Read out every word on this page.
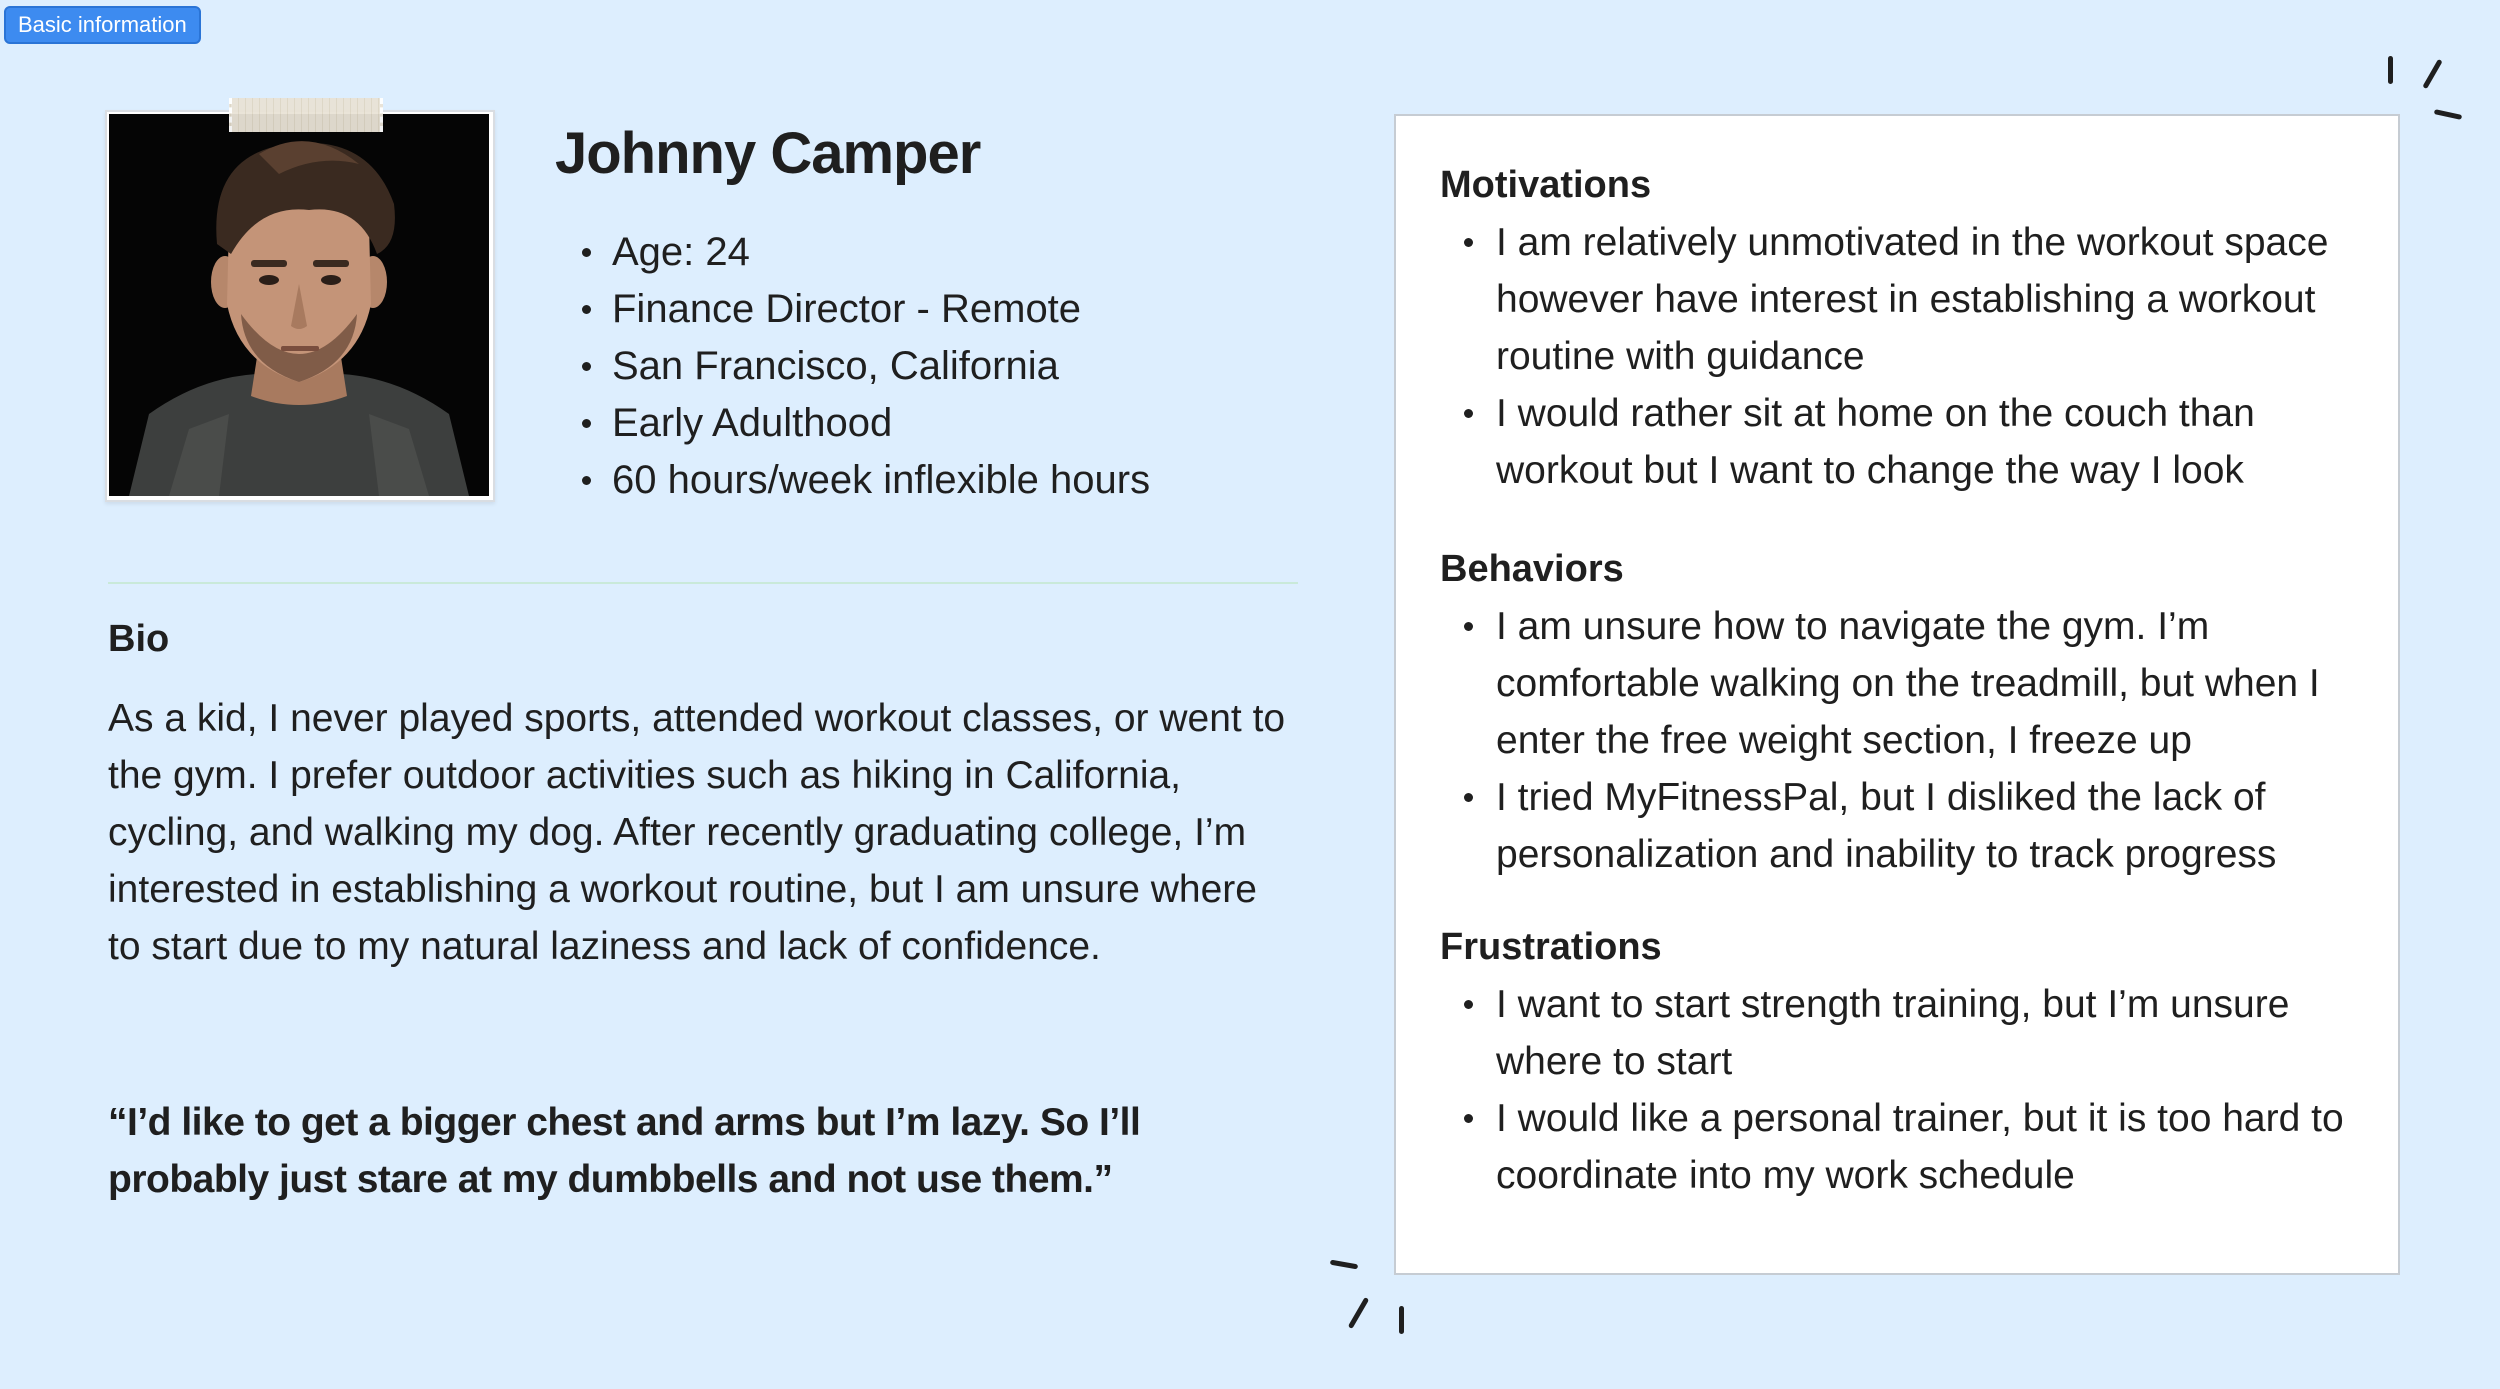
Basic information
Johnny Camper
Age: 24
Finance Director - Remote
San Francisco, California
Early Adulthood
60 hours/week inflexible hours
Bio

As a kid, I never played sports, attended workout classes, or went to the gym. I prefer outdoor activities such as hiking in California, cycling, and walking my dog. After recently graduating college, I’m interested in establishing a workout routine, but I am unsure where to start due to my natural laziness and lack of confidence.

“I’d like to get a bigger chest and arms but I’m lazy. So I’ll probably just stare at my dumbbells and not use them.”

Motivations
I am relatively unmotivated in the workout space however have interest in establishing a workout routine with guidance
I would rather sit at home on the couch than workout but I want to change the way I look
Behaviors
I am unsure how to navigate the gym. I’m comfortable walking on the treadmill, but when I enter the free weight section, I freeze up
I tried MyFitnessPal, but I disliked the lack of personalization and inability to track progress
Frustrations
I want to start strength training, but I’m unsure where to start
I would like a personal trainer, but it is too hard to coordinate into my work schedule
